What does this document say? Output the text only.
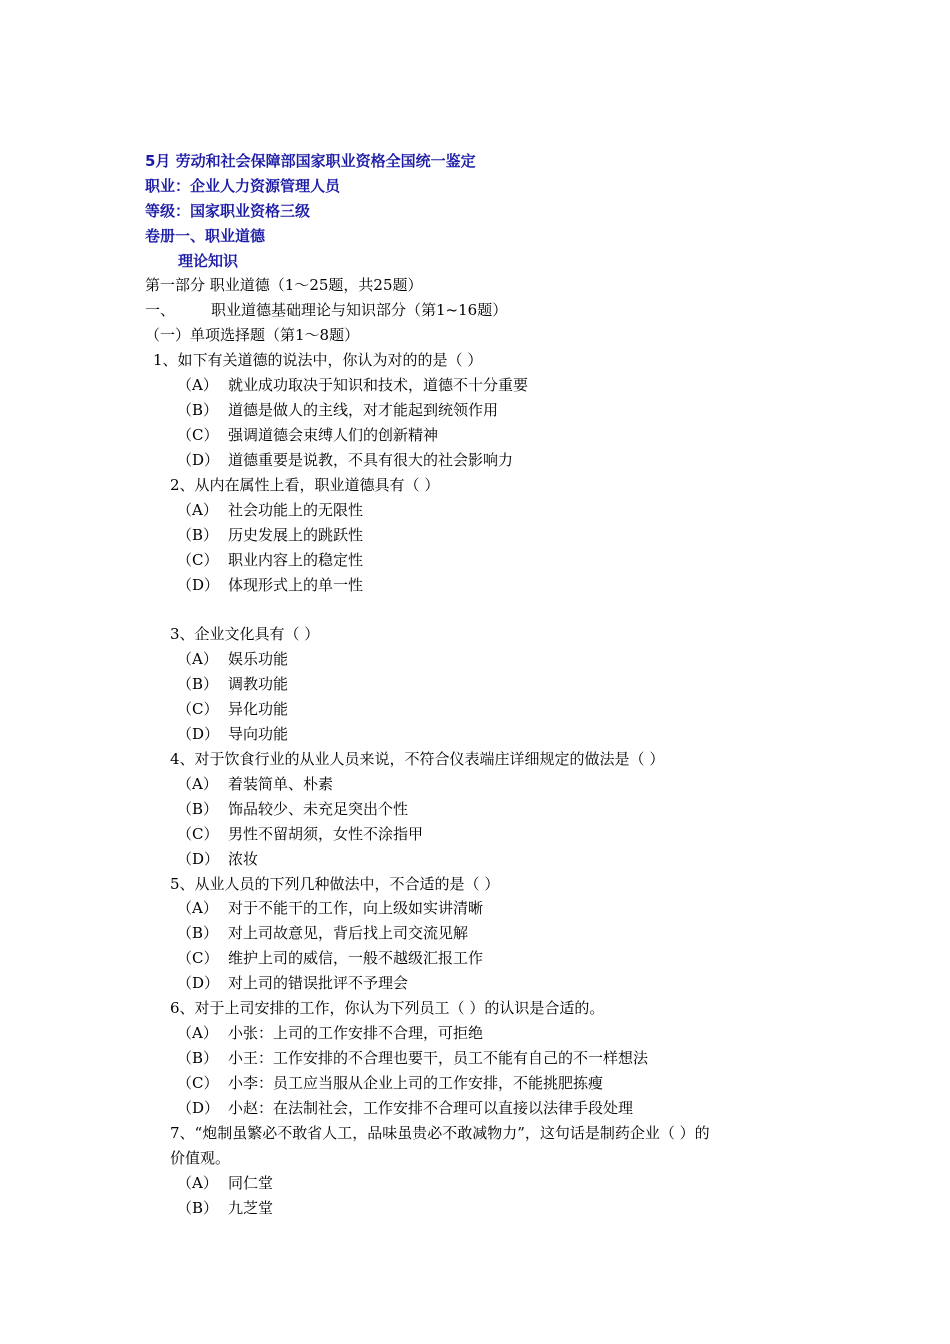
5月 劳动和社会保障部国家职业资格全国统一鉴定
职业：企业人力资源管理人员
等级：国家职业资格三级
卷册一、职业道德
理论知识
第一部分 职业道德（1～25题，共25题）
一、 职业道德基础理论与知识部分（第1~16题）
（一）单项选择题（第1～8题）
1、如下有关道德的说法中，你认为对的的是（ ）
（A） 就业成功取决于知识和技术，道德不十分重要
（B） 道德是做人的主线，对才能起到统领作用
（C） 强调道德会束缚人们的创新精神
（D） 道德重要是说教，不具有很大的社会影响力
2、从内在属性上看，职业道德具有（ ）
（A） 社会功能上的无限性
（B） 历史发展上的跳跃性
（C） 职业内容上的稳定性
（D） 体现形式上的单一性
3、企业文化具有（ ）
（A） 娱乐功能
（B） 调教功能
（C） 异化功能
（D） 导向功能
4、对于饮食行业的从业人员来说，不符合仪表端庄详细规定的做法是（ ）
（A） 着装简单、朴素
（B） 饰品较少、未充足突出个性
（C） 男性不留胡须，女性不涂指甲
（D） 浓妆
5、从业人员的下列几种做法中，不合适的是（ ）
（A） 对于不能干的工作，向上级如实讲清晰
（B） 对上司故意见，背后找上司交流见解
（C） 维护上司的威信，一般不越级汇报工作
（D） 对上司的错误批评不予理会
6、对于上司安排的工作，你认为下列员工（ ）的认识是合适的。
（A） 小张：上司的工作安排不合理，可拒绝
（B） 小王：工作安排的不合理也要干，员工不能有自己的不一样想法
（C） 小李：员工应当服从企业上司的工作安排，不能挑肥拣瘦
（D） 小赵：在法制社会，工作安排不合理可以直接以法律手段处理
7、“炮制虽繁必不敢省人工，品味虽贵必不敢减物力”，这句话是制药企业（ ）的
价值观。
（A） 同仁堂
（B） 九芝堂
